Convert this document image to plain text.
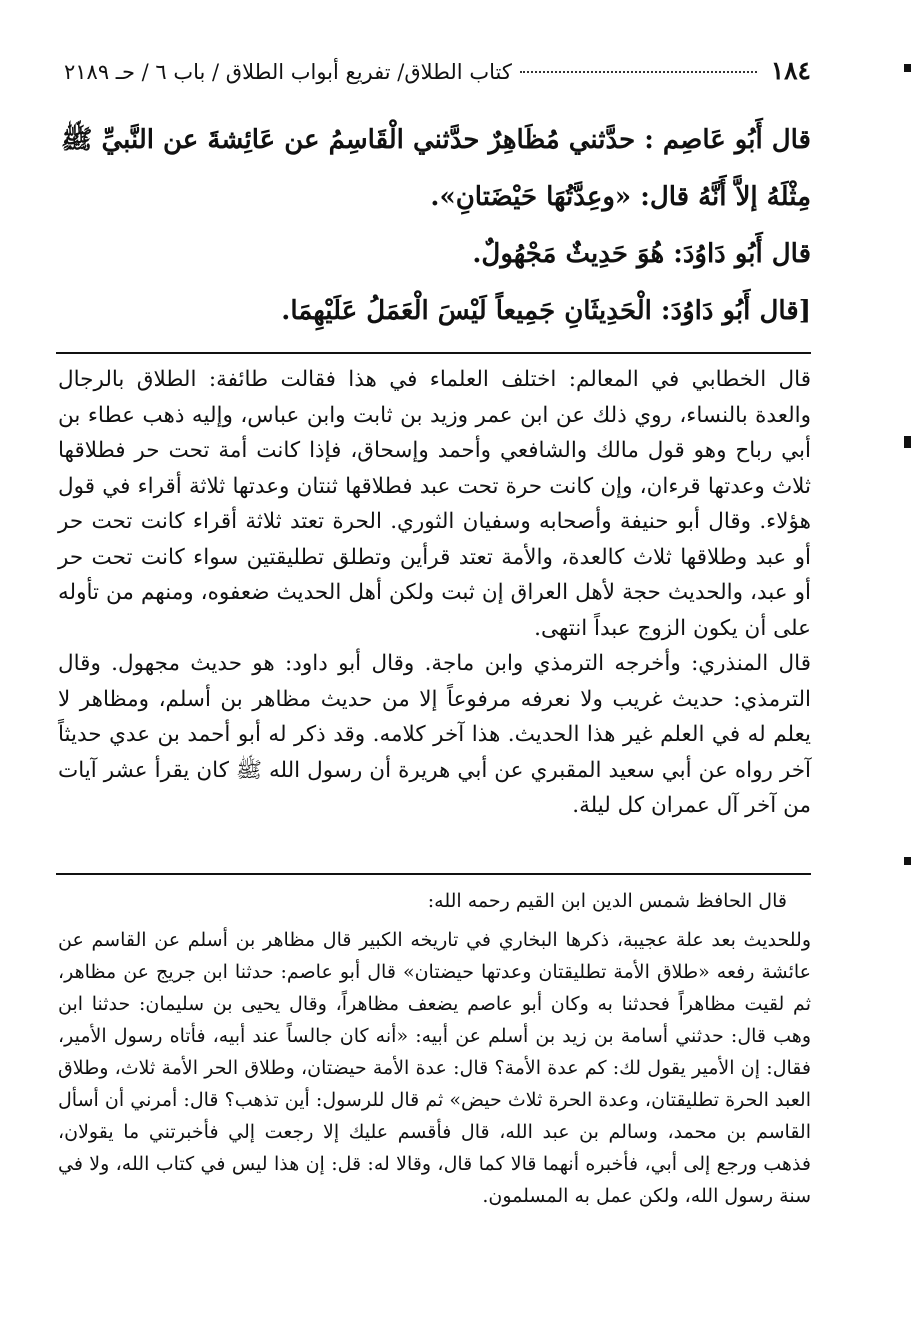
١٨٤
كتاب الطلاق/ تفريع أبواب الطلاق / باب ٦ / حـ ٢١٨٩

قال أَبُو عَاصِم : حدَّثني مُظَاهِرٌ حدَّثني الْقَاسِمُ عن عَائِشةَ عن النَّبيِّ ﷺ مِثْلَهُ إلاَّ أَنَّهُ قال: «وعِدَّتُهَا حَيْضَتانِ».

قال أَبُو دَاوُدَ: هُوَ حَدِيثٌ مَجْهُولٌ.

[قال أَبُو دَاوُدَ: الْحَدِيثَانِ جَمِيعاً لَيْسَ الْعَمَلُ عَلَيْهِمَا.

قال الخطابي في المعالم: اختلف العلماء في هذا فقالت طائفة: الطلاق بالرجال والعدة بالنساء، روي ذلك عن ابن عمر وزيد بن ثابت وابن عباس، وإليه ذهب عطاء بن أبي رباح وهو قول مالك والشافعي وأحمد وإسحاق، فإذا كانت أمة تحت حر فطلاقها ثلاث وعدتها قرءان، وإن كانت حرة تحت عبد فطلاقها ثنتان وعدتها ثلاثة أقراء في قول هؤلاء. وقال أبو حنيفة وأصحابه وسفيان الثوري. الحرة تعتد ثلاثة أقراء كانت تحت حر أو عبد وطلاقها ثلاث كالعدة، والأمة تعتد قرأين وتطلق تطليقتين سواء كانت تحت حر أو عبد، والحديث حجة لأهل العراق إن ثبت ولكن أهل الحديث ضعفوه، ومنهم من تأوله على أن يكون الزوج عبداً انتهى.

قال المنذري: وأخرجه الترمذي وابن ماجة. وقال أبو داود: هو حديث مجهول. وقال الترمذي: حديث غريب ولا نعرفه مرفوعاً إلا من حديث مظاهر بن أسلم، ومظاهر لا يعلم له في العلم غير هذا الحديث. هذا آخر كلامه. وقد ذكر له أبو أحمد بن عدي حديثاً آخر رواه عن أبي سعيد المقبري عن أبي هريرة أن رسول الله ﷺ كان يقرأ عشر آيات من آخر آل عمران كل ليلة.

قال الحافظ شمس الدين ابن القيم رحمه الله:

وللحديث بعد علة عجيبة، ذكرها البخاري في تاريخه الكبير قال مظاهر بن أسلم عن القاسم عن عائشة رفعه «طلاق الأمة تطليقتان وعدتها حيضتان» قال أبو عاصم: حدثنا ابن جريج عن مظاهر، ثم لقيت مظاهراً فحدثنا به وكان أبو عاصم يضعف مظاهراً، وقال يحيى بن سليمان: حدثنا ابن وهب قال: حدثني أسامة بن زيد بن أسلم عن أبيه: «أنه كان جالساً عند أبيه، فأتاه رسول الأمير، فقال: إن الأمير يقول لك: كم عدة الأمة؟ قال: عدة الأمة حيضتان، وطلاق الحر الأمة ثلاث، وطلاق العبد الحرة تطليقتان، وعدة الحرة ثلاث حيض» ثم قال للرسول: أين تذهب؟ قال: أمرني أن أسأل القاسم بن محمد، وسالم بن عبد الله، قال فأقسم عليك إلا رجعت إلي فأخبرتني ما يقولان، فذهب ورجع إلى أبي، فأخبره أنهما قالا كما قال، وقالا له: قل: إن هذا ليس في كتاب الله، ولا في سنة رسول الله، ولكن عمل به المسلمون.
